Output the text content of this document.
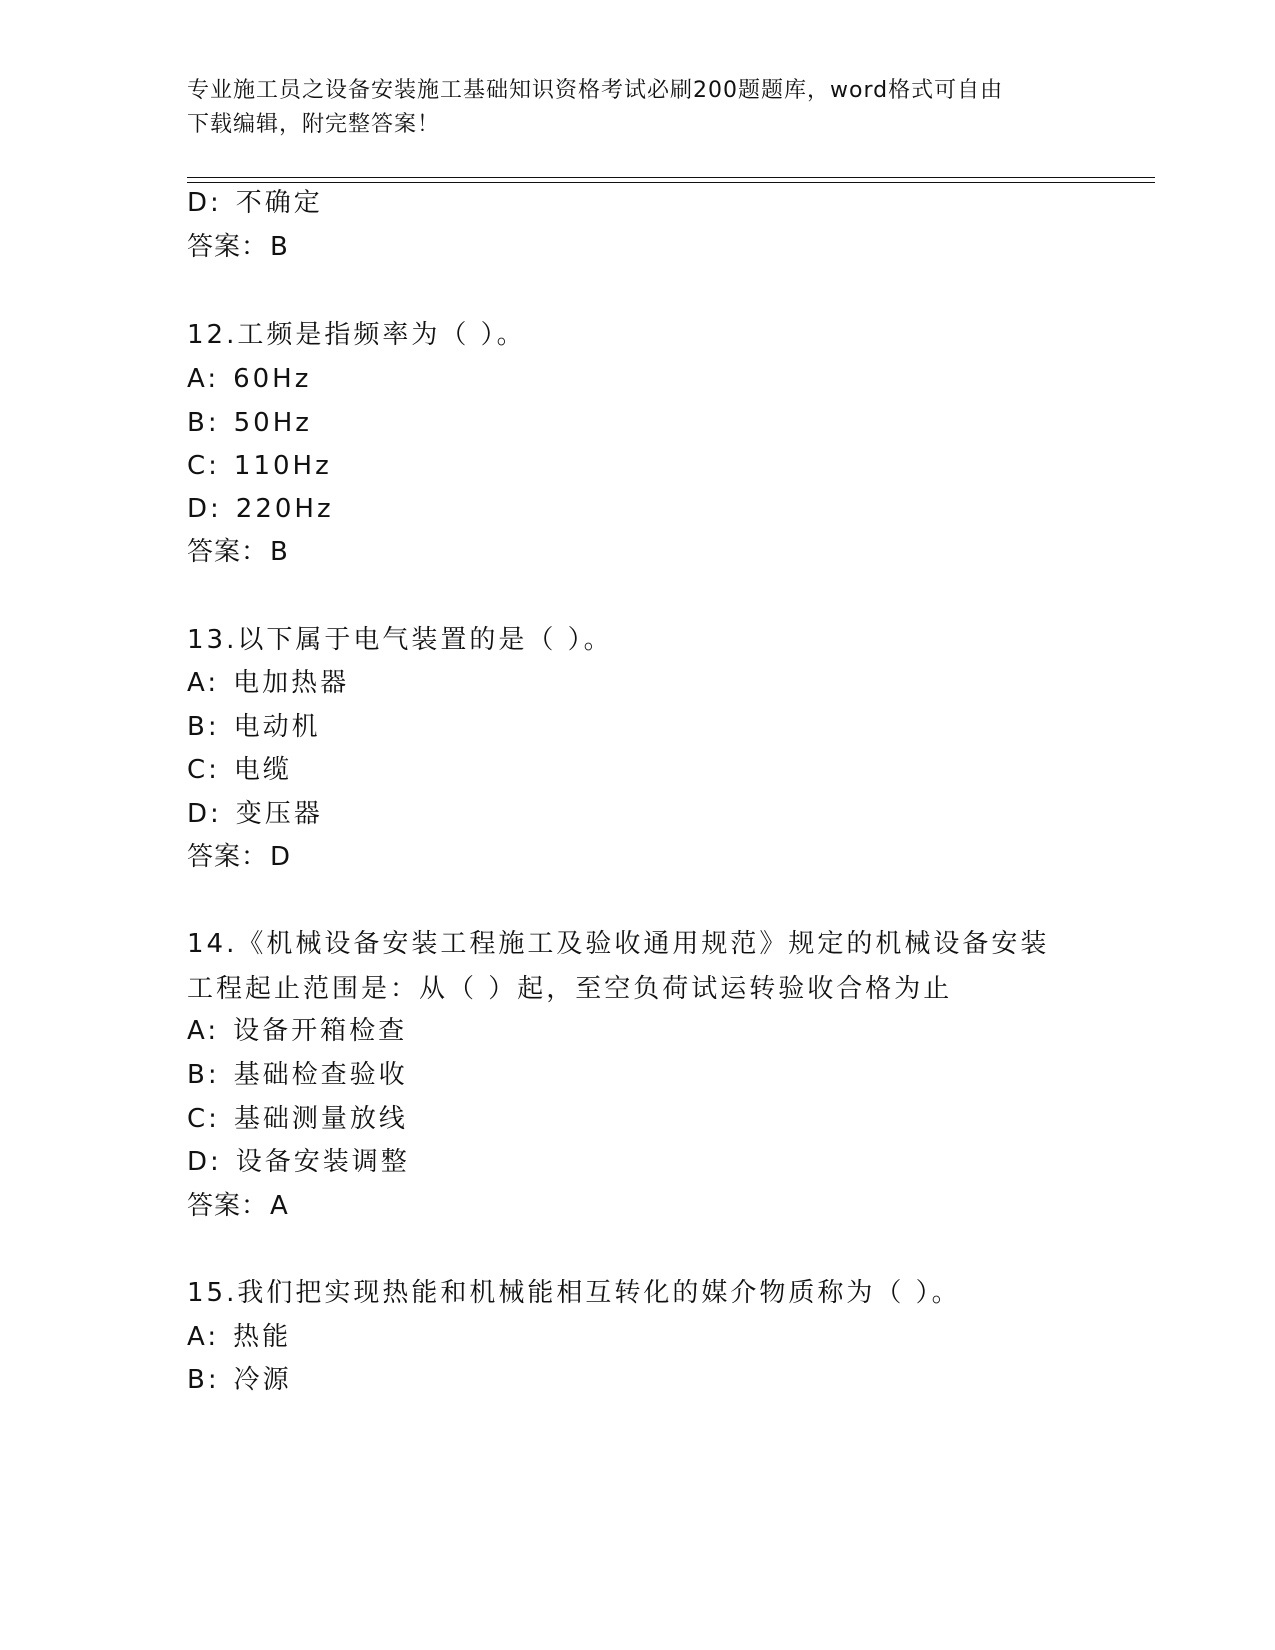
专业施工员之设备安装施工基础知识资格考试必刷200题题库，word格式可自由
下载编辑，附完整答案！
D: 不确定
答案：B
12.工频是指频率为（ ）。
A: 60Hz
B: 50Hz
C: 110Hz
D: 220Hz
答案：B
13.以下属于电气装置的是（ ）。
A: 电加热器
B: 电动机
C: 电缆
D: 变压器
答案：D
14.《机械设备安装工程施工及验收通用规范》规定的机械设备安装工程起止范围是：从（ ）起，至空负荷试运转验收合格为止
A: 设备开箱检查
B: 基础检查验收
C: 基础测量放线
D: 设备安装调整
答案：A
15.我们把实现热能和机械能相互转化的媒介物质称为（ ）。
A: 热能
B: 冷源
